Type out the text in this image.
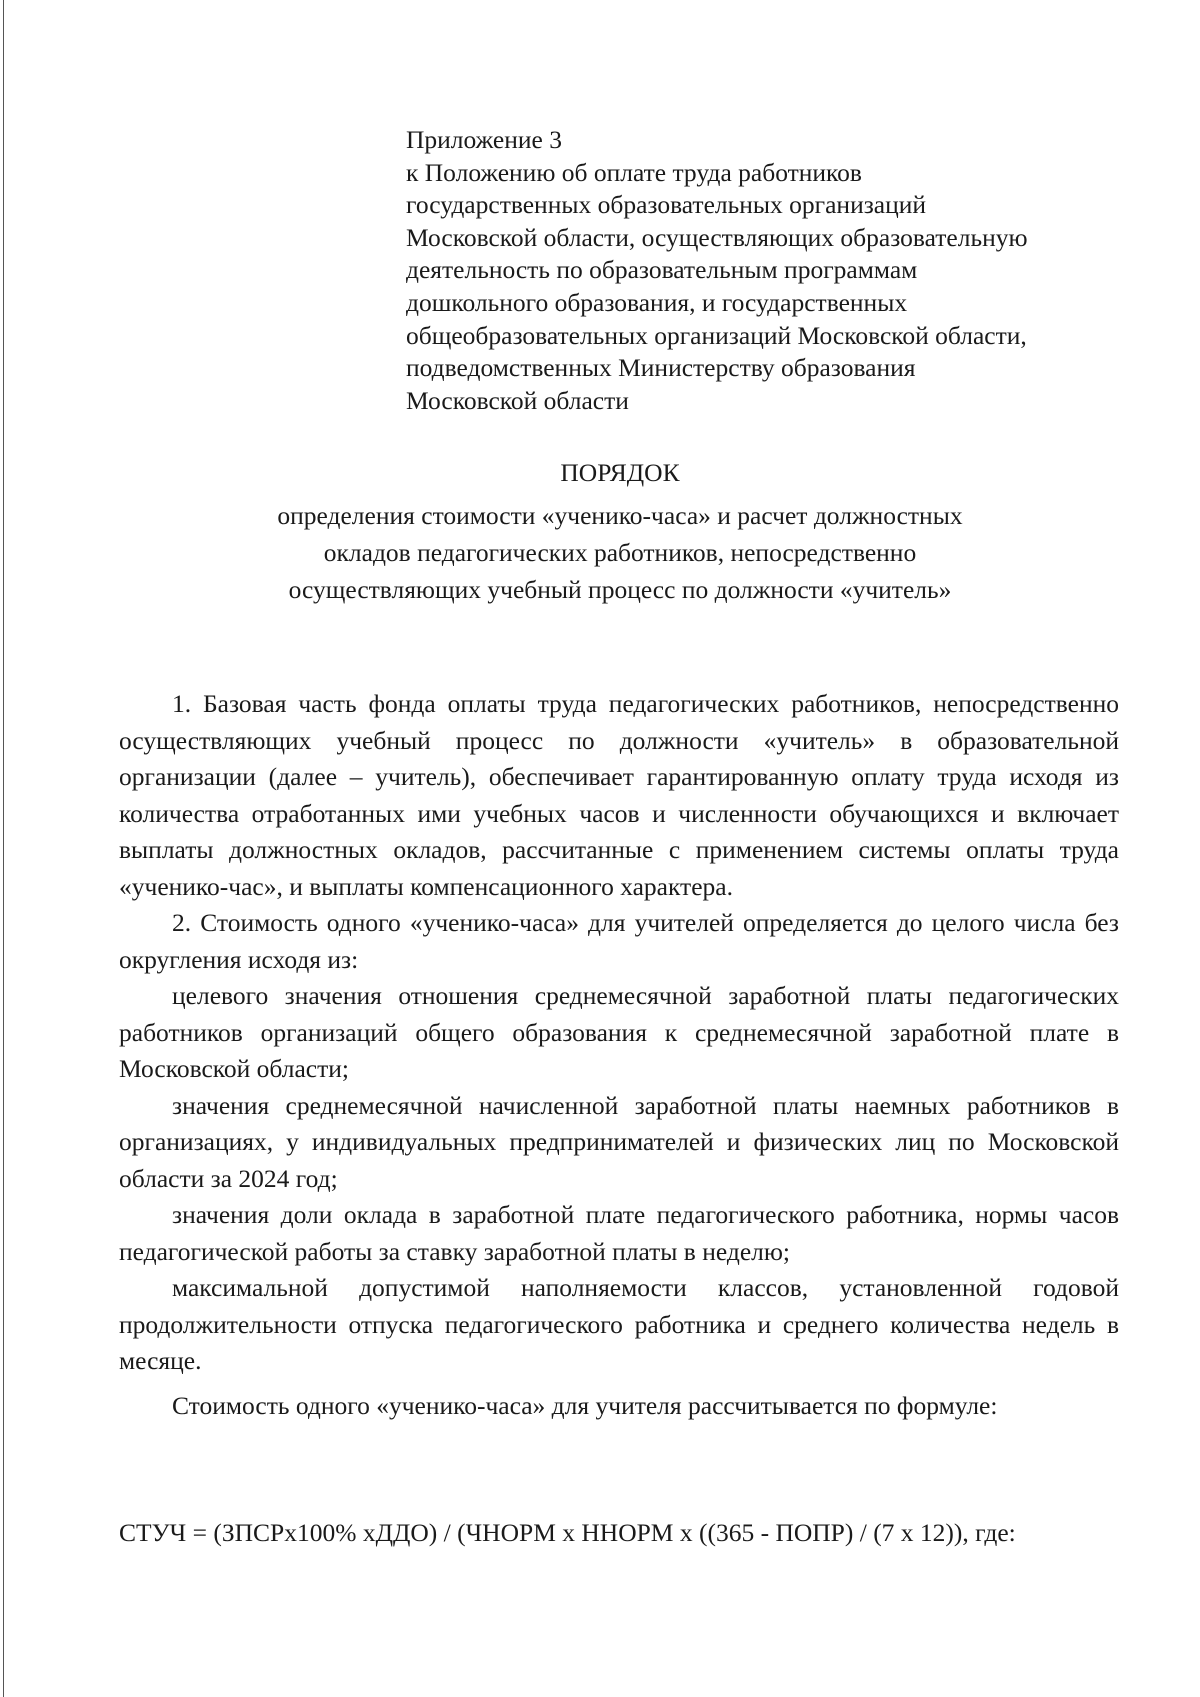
Приложение 3
к Положению об оплате труда работников
государственных образовательных организаций
Московской области, осуществляющих образовательную
деятельность по образовательным программам
дошкольного образования, и государственных
общеобразовательных организаций Московской области,
подведомственных Министерству образования
Московской области
ПОРЯДОК
определения стоимости «ученико-часа» и расчет должностных
окладов педагогических работников, непосредственно
осуществляющих учебный процесс по должности «учитель»

1. Базовая часть фонда оплаты труда педагогических работников, непосредственно осуществляющих учебный процесс по должности «учитель» в образовательной организации (далее – учитель), обеспечивает гарантированную оплату труда исходя из количества отработанных ими учебных часов и численности обучающихся и включает выплаты должностных окладов, рассчитанные с применением системы оплаты труда «ученико-час», и выплаты компенсационного характера.

2. Стоимость одного «ученико-часа» для учителей определяется до целого числа без округления исходя из:

целевого значения отношения среднемесячной заработной платы педагогических работников организаций общего образования к среднемесячной заработной плате в Московской области;

значения среднемесячной начисленной заработной платы наемных работников в организациях, у индивидуальных предпринимателей и физических лиц по Московской области за 2024 год;

значения доли оклада в заработной плате педагогического работника, нормы часов педагогической работы за ставку заработной платы в неделю;

максимальной допустимой наполняемости классов, установленной годовой продолжительности отпуска педагогического работника и среднего количества недель в месяце.

Стоимость одного «ученико-часа» для учителя рассчитывается по формуле:

СТУЧ = (ЗПСРх100% хДДО) / (ЧНОРМ х ННОРМ х ((365 - ПОПР) / (7 х 12)), где:
